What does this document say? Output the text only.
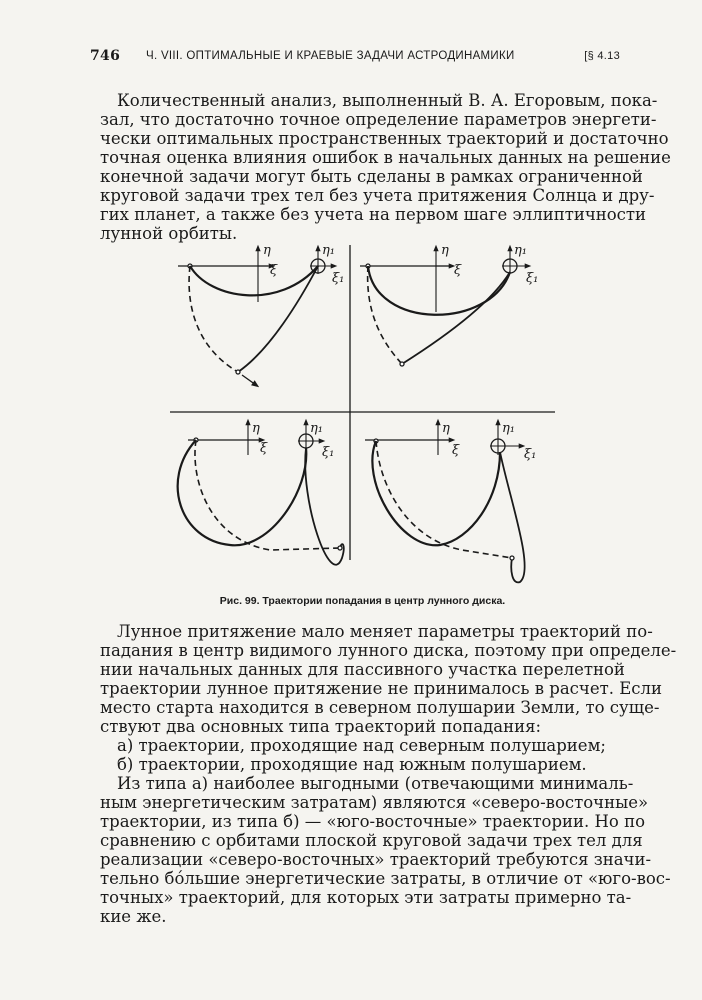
746 Ч. VIII. ОПТИМАЛЬНЫЕ И КРАЕВЫЕ ЗАДАЧИ АСТРОДИНАМИКИ	[§ 4.13
Количественный анализ, выполненный В. А. Егоровым, пока-
зал, что достаточно точное определение параметров энергети-
чески оптимальных пространственных траекторий и достаточно
точная оценка влияния ошибок в начальных данных на решение
конечной задачи могут быть сделаны в рамках ограниченной
круговой задачи трех тел без учета притяжения Солнца и дру-
гих планет, а также без учета на первом шаге эллиптичности
лунной орбиты.
η
ξ
η₁
ξ₁
η
ξ
η₁
ξ₁
η
ξ
η₁
ξ₁
η
ξ
η₁
ξ₁
Рис. 99. Траектории попадания в центр лунного диска.
Лунное притяжение мало меняет параметры траекторий по-
падания в центр видимого лунного диска, поэтому при определе-
нии начальных данных для пассивного участка перелетной
траектории лунное притяжение не принималось в расчет. Если
место старта находится в северном полушарии Земли, то суще-
ствуют два основных типа траекторий попадания:
а) траектории, проходящие над северным полушарием;
б) траектории, проходящие над южным полушарием.
Из типа а) наиболее выгодными (отвечающими минималь-
ным энергетическим затратам) являются «северо-восточные»
траектории, из типа б) — «юго-восточные» траектории. Но по
сравнению с орбитами плоской круговой задачи трех тел для
реализации «северо-восточных» траекторий требуются значи-
тельно бóльшие энергетические затраты, в отличие от «юго-вос-
точных» траекторий, для которых эти затраты примерно та-
кие же.
